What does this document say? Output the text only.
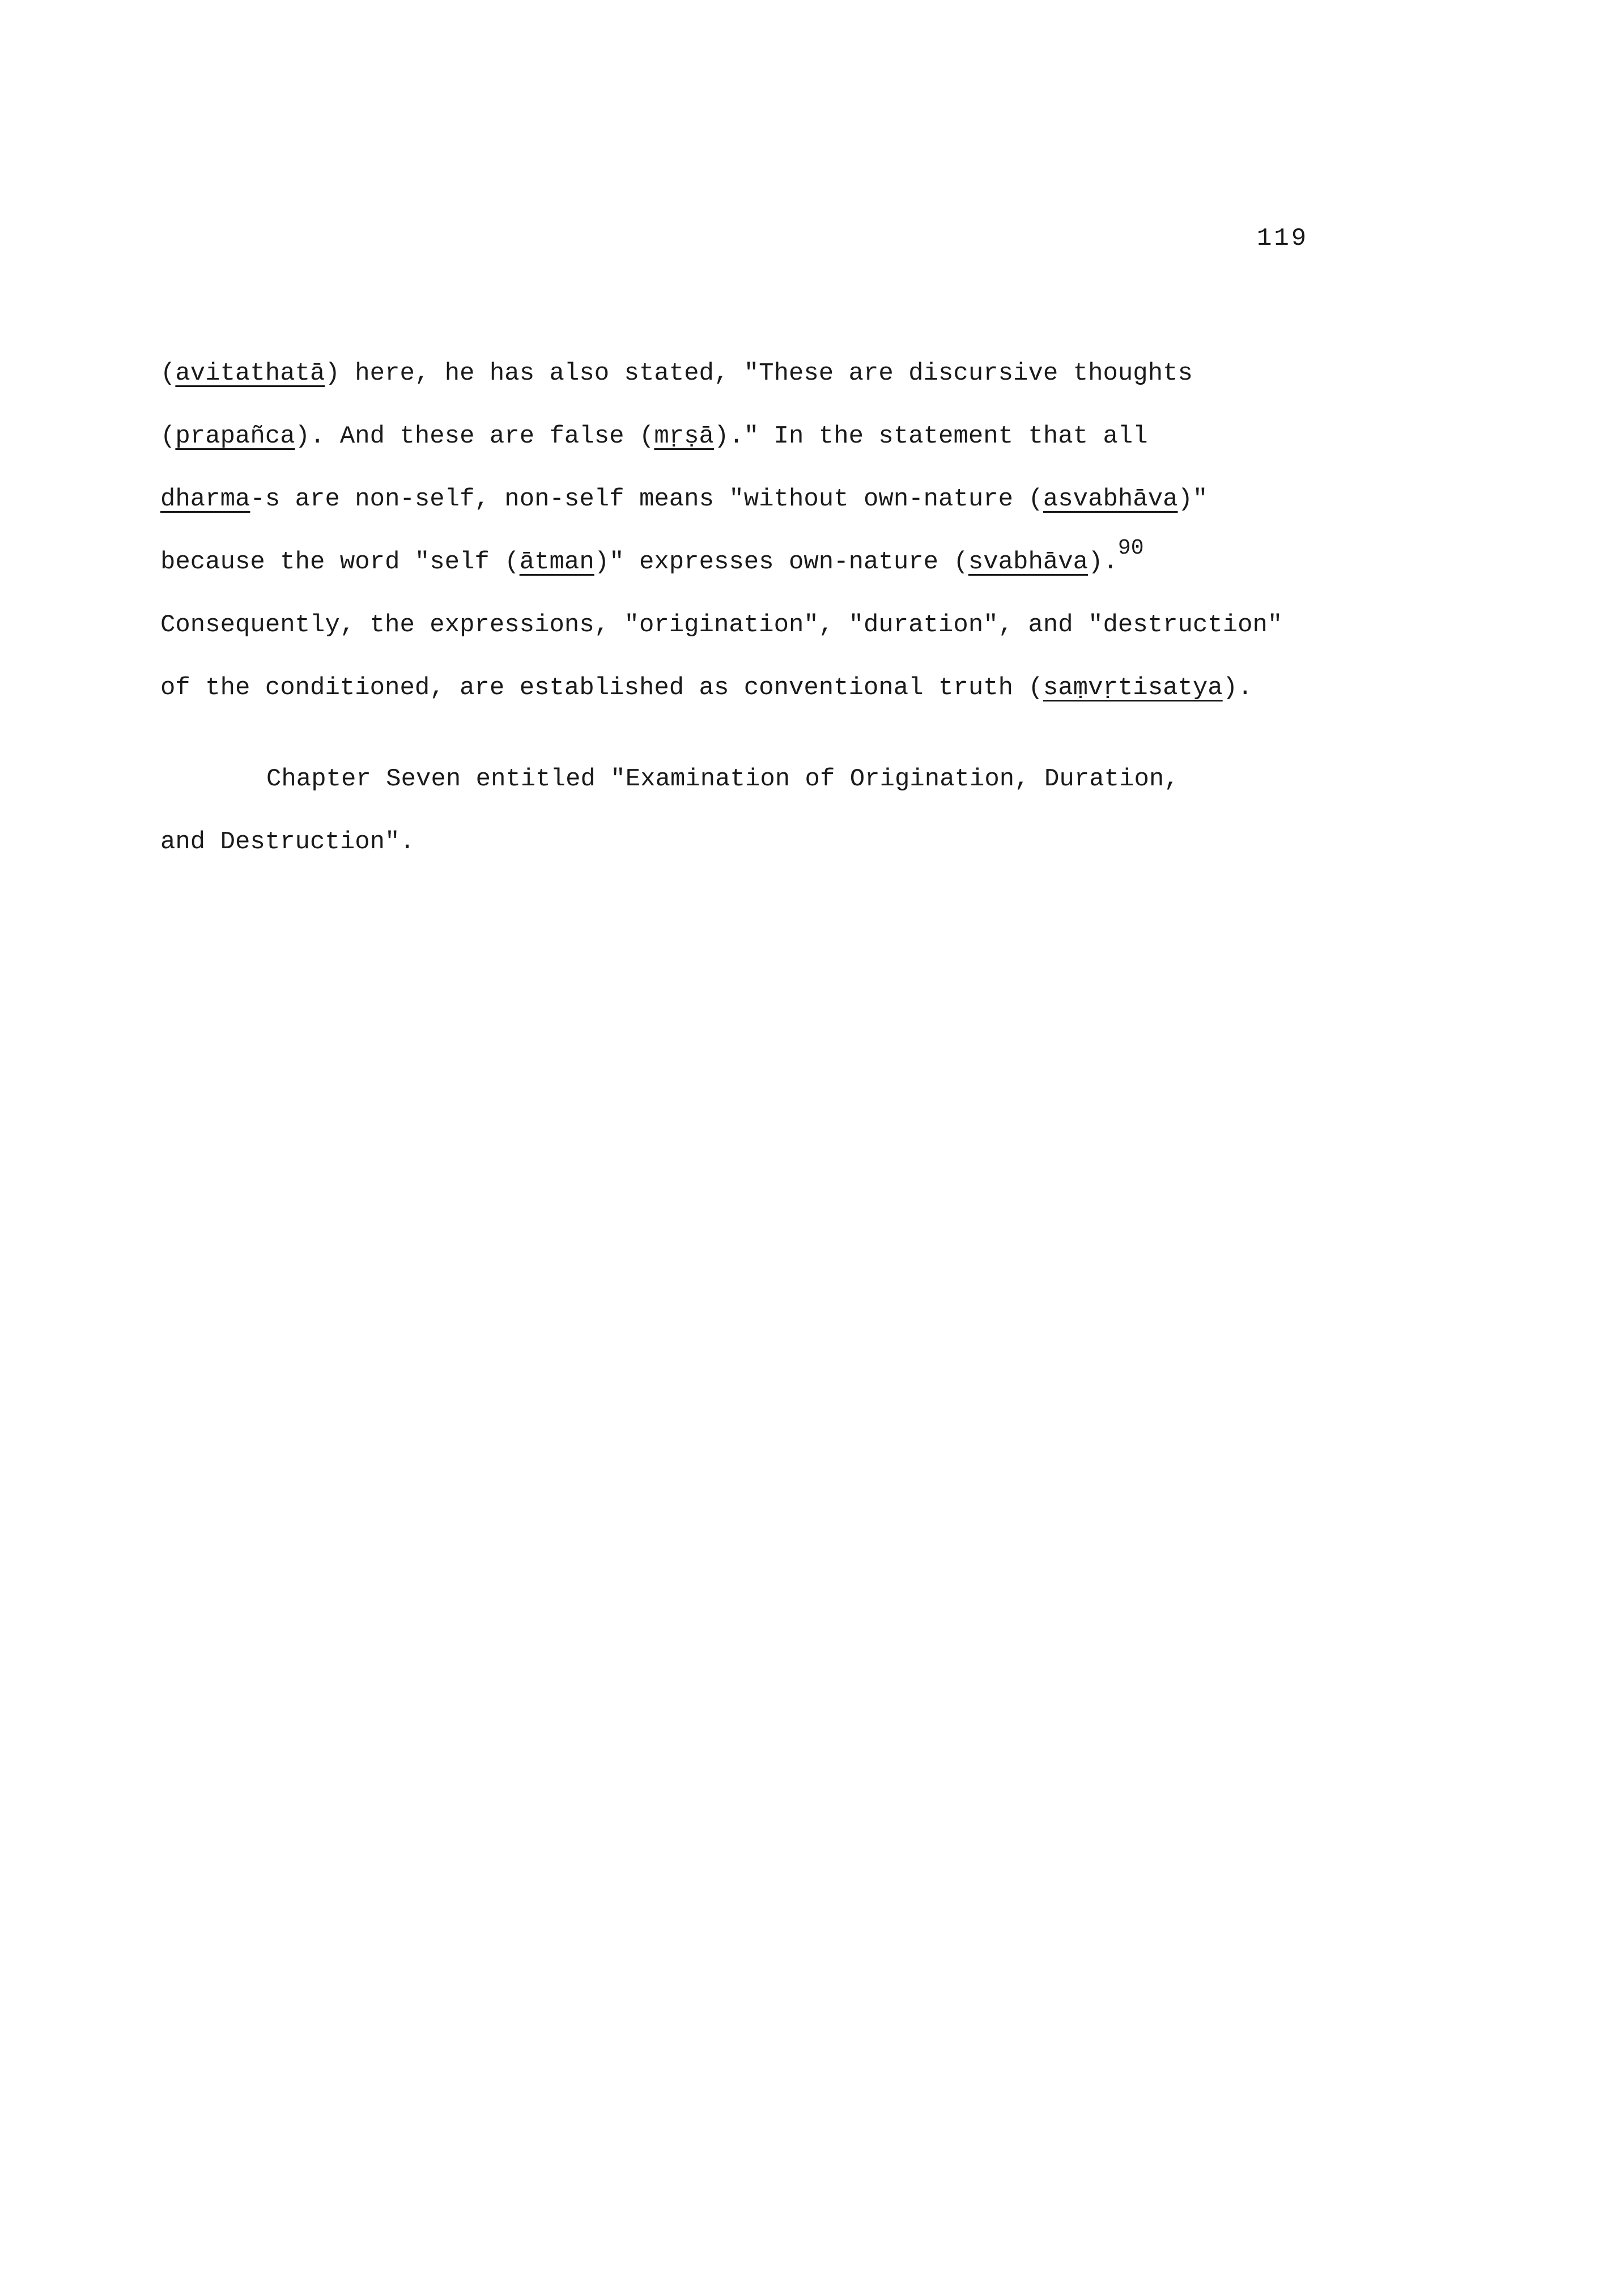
119
(avitathatā) here, he has also stated, "These are discursive thoughts
(prapañca). And these are false (mṛṣā)." In the statement that all
dharma-s are non-self, non-self means "without own-nature (asvabhāva)"
because the word "self (ātman)" expresses own-nature (svabhāva).90
Consequently, the expressions, "origination", "duration", and "destruction"
of the conditioned, are established as conventional truth (saṃvṛtisatya).
Chapter Seven entitled "Examination of Origination, Duration,
and Destruction".
